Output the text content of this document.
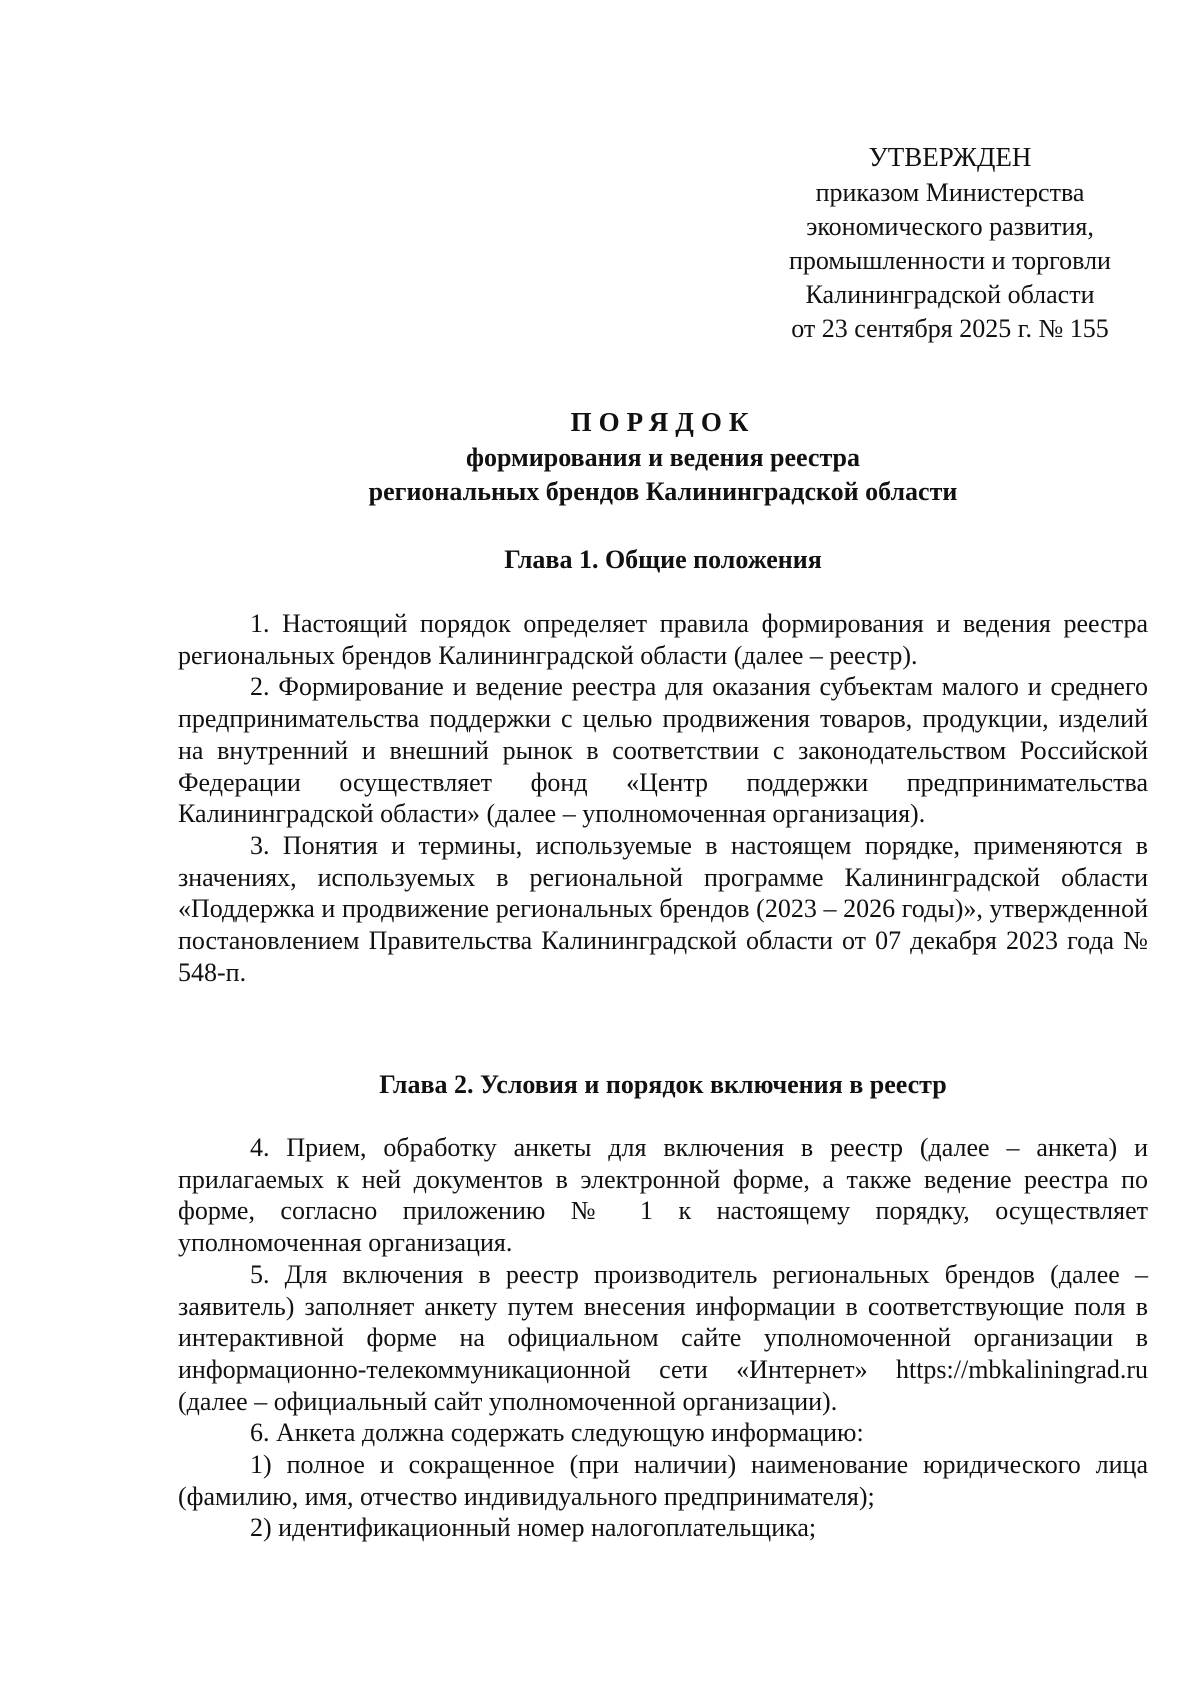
УТВЕРЖДЕН
приказом Министерства
экономического развития,
промышленности и торговли
Калининградской области
от 23 сентября 2025 г. № 155
ПОРЯДОК
формирования и ведения реестра
региональных брендов Калининградской области
Глава 1. Общие положения

1. Настоящий порядок определяет правила формирования и ведения реестра региональных брендов Калининградской области (далее – реестр).

2. Формирование и ведение реестра для оказания субъектам малого и среднего предпринимательства поддержки с целью продвижения товаров, продукции, изделий на внутренний и внешний рынок в соответствии с законодательством Российской Федерации осуществляет фонд «Центр поддержки предпринимательства Калининградской области» (далее – уполномоченная организация).

3. Понятия и термины, используемые в настоящем порядке, применяются в значениях, используемых в региональной программе Калининградской области «Поддержка и продвижение региональных брендов (2023 – 2026 годы)», утвержденной постановлением Правительства Калининградской области от 07 декабря 2023 года № 548-п.

Глава 2. Условия и порядок включения в реестр

4. Прием, обработку анкеты для включения в реестр (далее – анкета) и прилагаемых к ней документов в электронной форме, а также ведение реестра по форме, согласно приложению № 1 к настоящему порядку, осуществляет уполномоченная организация.

5. Для включения в реестр производитель региональных брендов (далее – заявитель) заполняет анкету путем внесения информации в соответствующие поля в интерактивной форме на официальном сайте уполномоченной организации в информационно-телекоммуникационной сети «Интернет» https://mbkaliningrad.ru (далее – официальный сайт уполномоченной организации).

6. Анкета должна содержать следующую информацию:

1) полное и сокращенное (при наличии) наименование юридического лица (фамилию, имя, отчество индивидуального предпринимателя);

2) идентификационный номер налогоплательщика;
